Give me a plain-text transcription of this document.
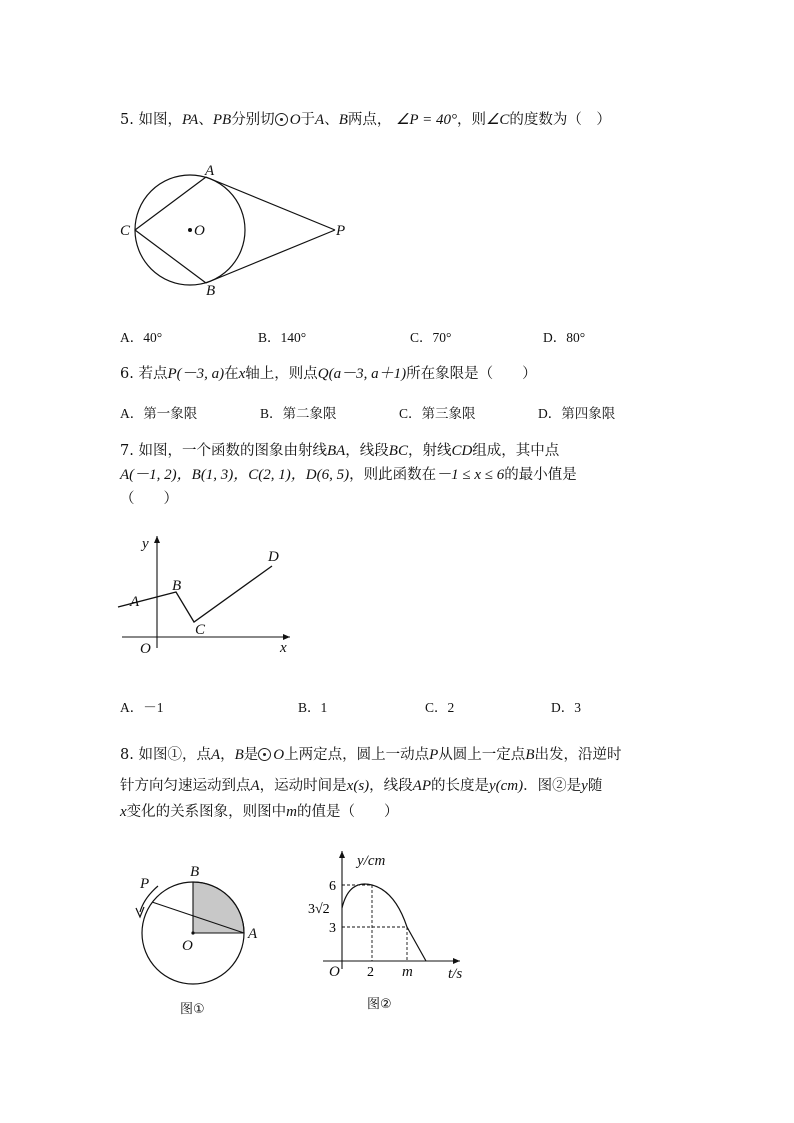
5. 如图，PA、PB分别切 O于A、B两点， ∠P = 40°，则∠C的度数为（　）
A
B
C	O	P
A．40°	B．140°	C．70°	D．80°
6. 若点P(－3, a)在x轴上，则点Q(a－3, a＋1)所在象限是（　　）
A．第一象限	B．第二象限	C．第三象限	D．第四象限
7. 如图，一个函数的图象由射线BA，线段BC，射线CD组成，其中点
A(－1, 2)，B(1, 3)，C(2, 1)，D(6, 5)，则此函数在－1 ≤ x ≤ 6的最小值是
（　　）
y
x
O
A
B
C
D
A．－1	B．1	C．2	D．3
8. 如图①，点A，B是 O上两定点，圆上一动点P从圆上一定点B出发，沿逆时
针方向匀速运动到点A，运动时间是x(s)，线段AP的长度是y(cm)．图②是y随
x变化的关系图象，则图中m的值是（　　）
P
B
O
A
图①
y/cm
6
3√2
3
O 2 m t/s
图②
